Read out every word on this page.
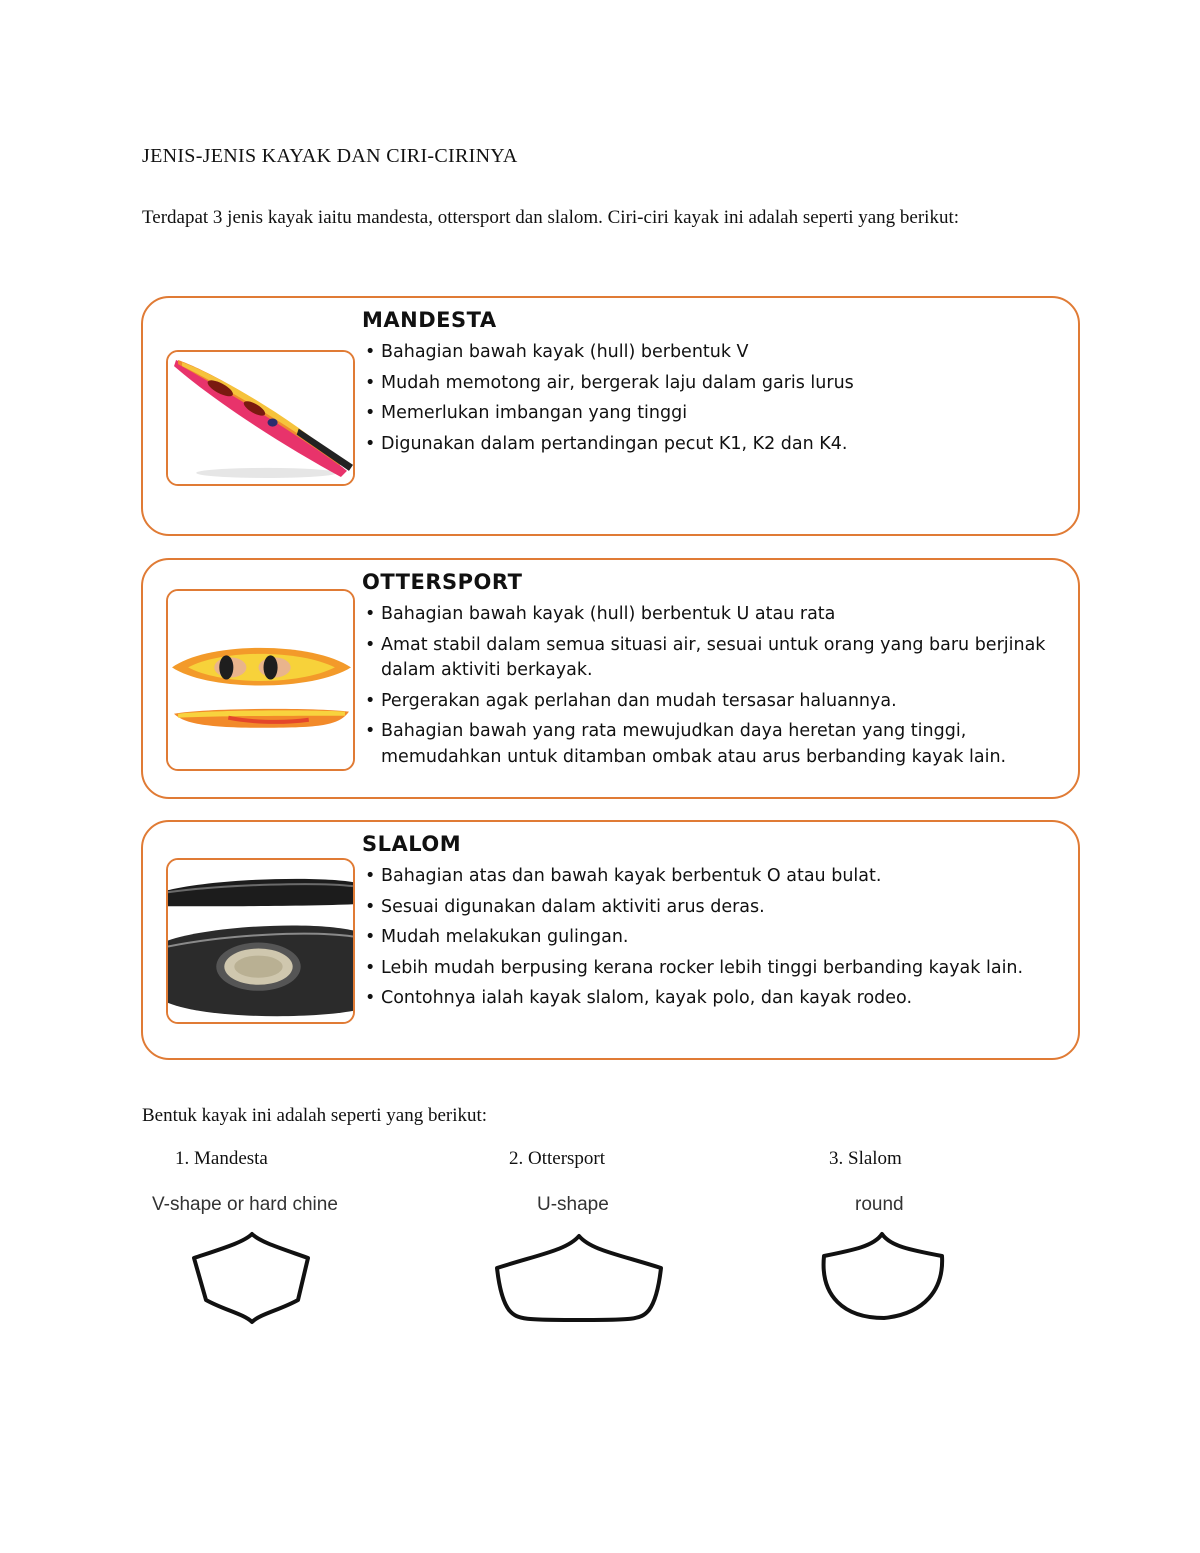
JENIS-JENIS KAYAK DAN CIRI-CIRINYA

Terdapat 3 jenis kayak iaitu mandesta, ottersport dan slalom. Ciri-ciri kayak ini adalah seperti yang berikut:

MANDESTA
• Bahagian bawah kayak (hull) berbentuk V
• Mudah memotong air, bergerak laju dalam garis lurus
• Memerlukan imbangan yang tinggi
• Digunakan dalam pertandingan pecut K1, K2 dan K4.
OTTERSPORT
• Bahagian bawah kayak (hull) berbentuk U atau rata
• Amat stabil dalam semua situasi air, sesuai untuk orang yang baru berjinak dalam aktiviti berkayak.
• Pergerakan agak perlahan dan mudah tersasar haluannya.
• Bahagian bawah yang rata mewujudkan daya heretan yang tinggi, memudahkan untuk ditamban ombak atau arus berbanding kayak lain.
SLALOM
• Bahagian atas dan bawah kayak berbentuk O atau bulat.
• Sesuai digunakan dalam aktiviti arus deras.
• Mudah melakukan gulingan.
• Lebih mudah berpusing kerana rocker lebih tinggi berbanding kayak lain.
• Contohnya ialah kayak slalom, kayak polo, dan kayak rodeo.

Bentuk kayak ini adalah seperti yang berikut:

1. Mandesta

V-shape or hard chine

2. Ottersport

U-shape

3. Slalom

round
